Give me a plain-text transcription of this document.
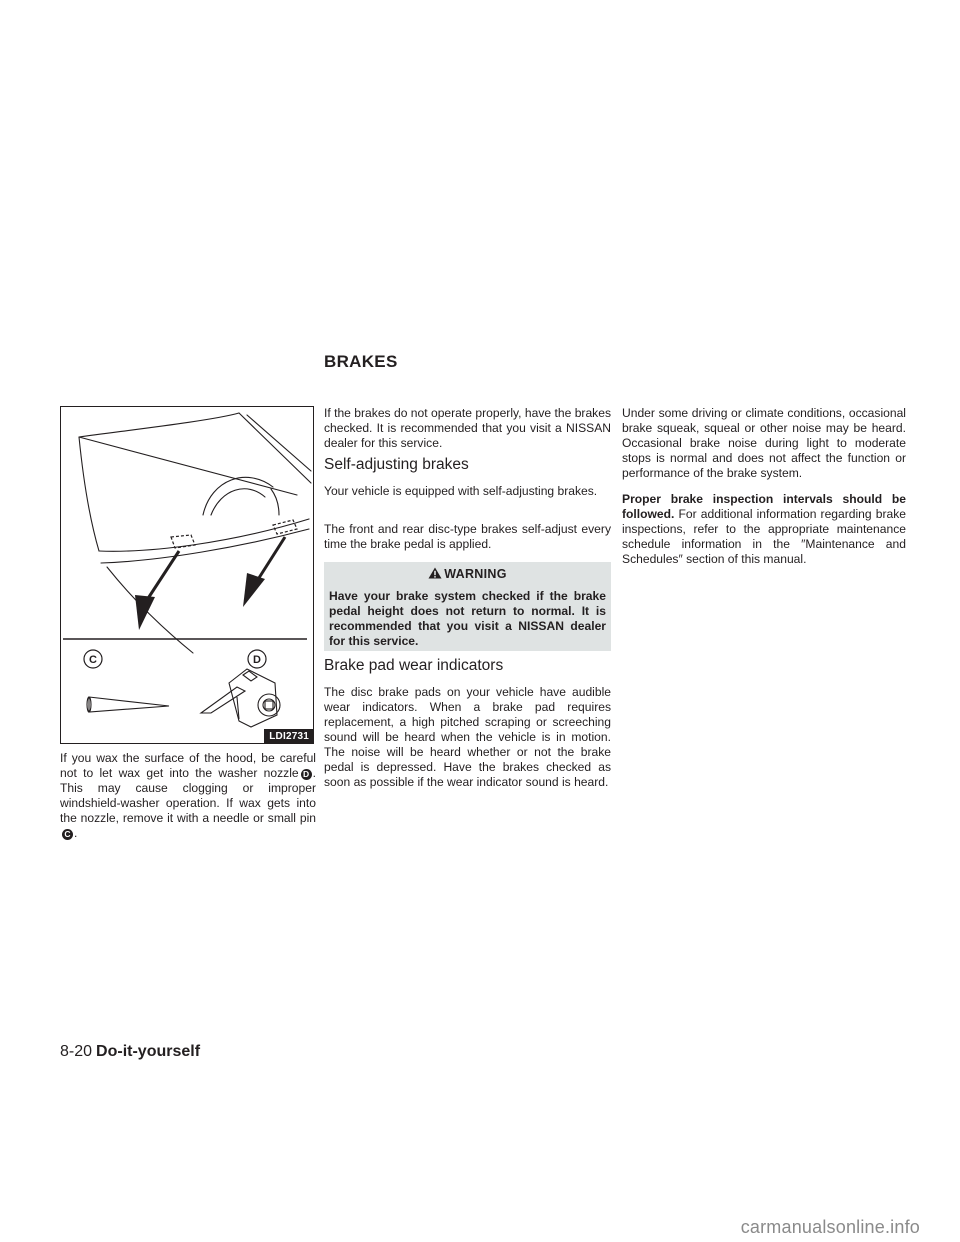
BRAKES
C	D
LDI2731

If you wax the surface of the hood, be careful not to let wax get into the washer nozzle D . This may cause clogging or improper windshield-washer operation. If wax gets into the nozzle, remove it with a needle or small pinC .

If the brakes do not operate properly, have the brakes checked. It is recommended that you visit a NISSAN dealer for this service.

Self-adjusting brakes

Your vehicle is equipped with self-adjusting brakes.

The front and rear disc-type brakes self-adjust every time the brake pedal is applied.

WARNING

Have your brake system checked if the brake pedal height does not return to normal. It is recommended that you visit a NISSAN dealer for this service.

Brake pad wear indicators

The disc brake pads on your vehicle have audible wear indicators. When a brake pad requires replacement, a high pitched scraping or screeching sound will be heard when the vehicle is in motion. The noise will be heard whether or not the brake pedal is depressed. Have the brakes checked as soon as possible if the wear indicator sound is heard.

Under some driving or climate conditions, occasional brake squeak, squeal or other noise may be heard. Occasional brake noise during light to moderate stops is normal and does not affect the function or performance of the brake system.

Proper brake inspection intervals should be followed. For additional information regarding brake inspections, refer to the appropriate maintenance schedule information in the ″Maintenance and Schedules″ section of this manual.

8-20 Do-it-yourself
carmanualsonline.info
